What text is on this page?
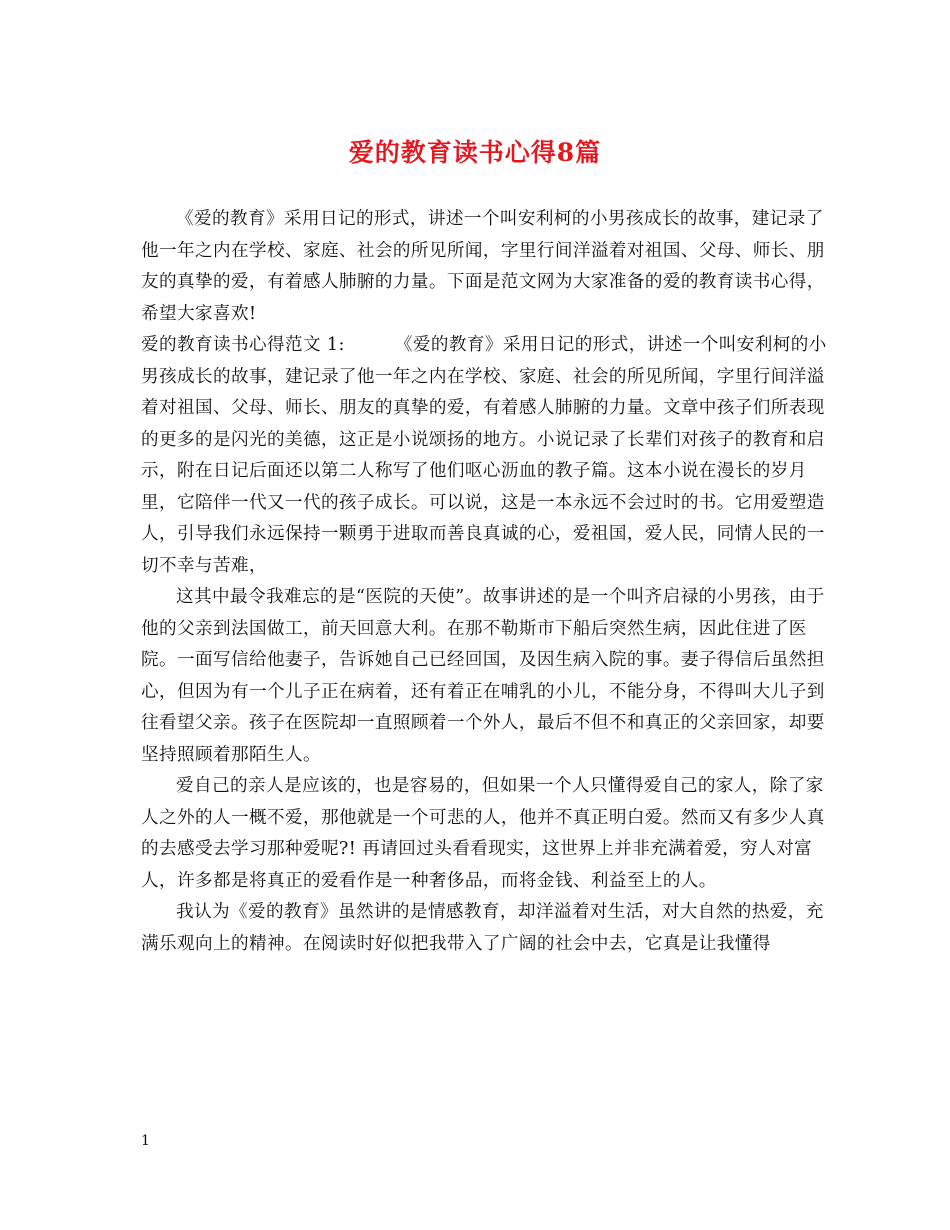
爱的教育读书心得8篇

《爱的教育》采用日记的形式，讲述一个叫安利柯的小男孩成长的故事，建记录了他一年之内在学校、家庭、社会的所见所闻，字里行间洋溢着对祖国、父母、师长、朋友的真挚的爱，有着感人肺腑的力量。下面是范文网为大家准备的爱的教育读书心得，希望大家喜欢!

爱的教育读书心得范文 1:	《爱的教育》采用日记的形式，讲述一个叫安利柯的小男孩成长的故事，建记录了他一年之内在学校、家庭、社会的所见所闻，字里行间洋溢着对祖国、父母、师长、朋友的真挚的爱，有着感人肺腑的力量。文章中孩子们所表现的更多的是闪光的美德，这正是小说颂扬的地方。小说记录了长辈们对孩子的教育和启示，附在日记后面还以第二人称写了他们呕心沥血的教子篇。这本小说在漫长的岁月里，它陪伴一代又一代的孩子成长。可以说，这是一本永远不会过时的书。它用爱塑造人，引导我们永远保持一颗勇于进取而善良真诚的心，爱祖国，爱人民，同情人民的一切不幸与苦难，

这其中最令我难忘的是“医院的天使”。故事讲述的是一个叫齐启禄的小男孩，由于他的父亲到法国做工，前天回意大利。在那不勒斯市下船后突然生病，因此住进了医院。一面写信给他妻子，告诉她自己已经回国，及因生病入院的事。妻子得信后虽然担心，但因为有一个儿子正在病着，还有着正在哺乳的小儿，不能分身，不得叫大儿子到往看望父亲。孩子在医院却一直照顾着一个外人，最后不但不和真正的父亲回家，却要坚持照顾着那陌生人。

爱自己的亲人是应该的，也是容易的，但如果一个人只懂得爱自己的家人，除了家人之外的人一概不爱，那他就是一个可悲的人，他并不真正明白爱。然而又有多少人真的去感受去学习那种爱呢?! 再请回过头看看现实，这世界上并非充满着爱，穷人对富人，许多都是将真正的爱看作是一种奢侈品，而将金钱、利益至上的人。

我认为《爱的教育》虽然讲的是情感教育，却洋溢着对生活，对大自然的热爱，充满乐观向上的精神。在阅读时好似把我带入了广阔的社会中去，它真是让我懂得

1
